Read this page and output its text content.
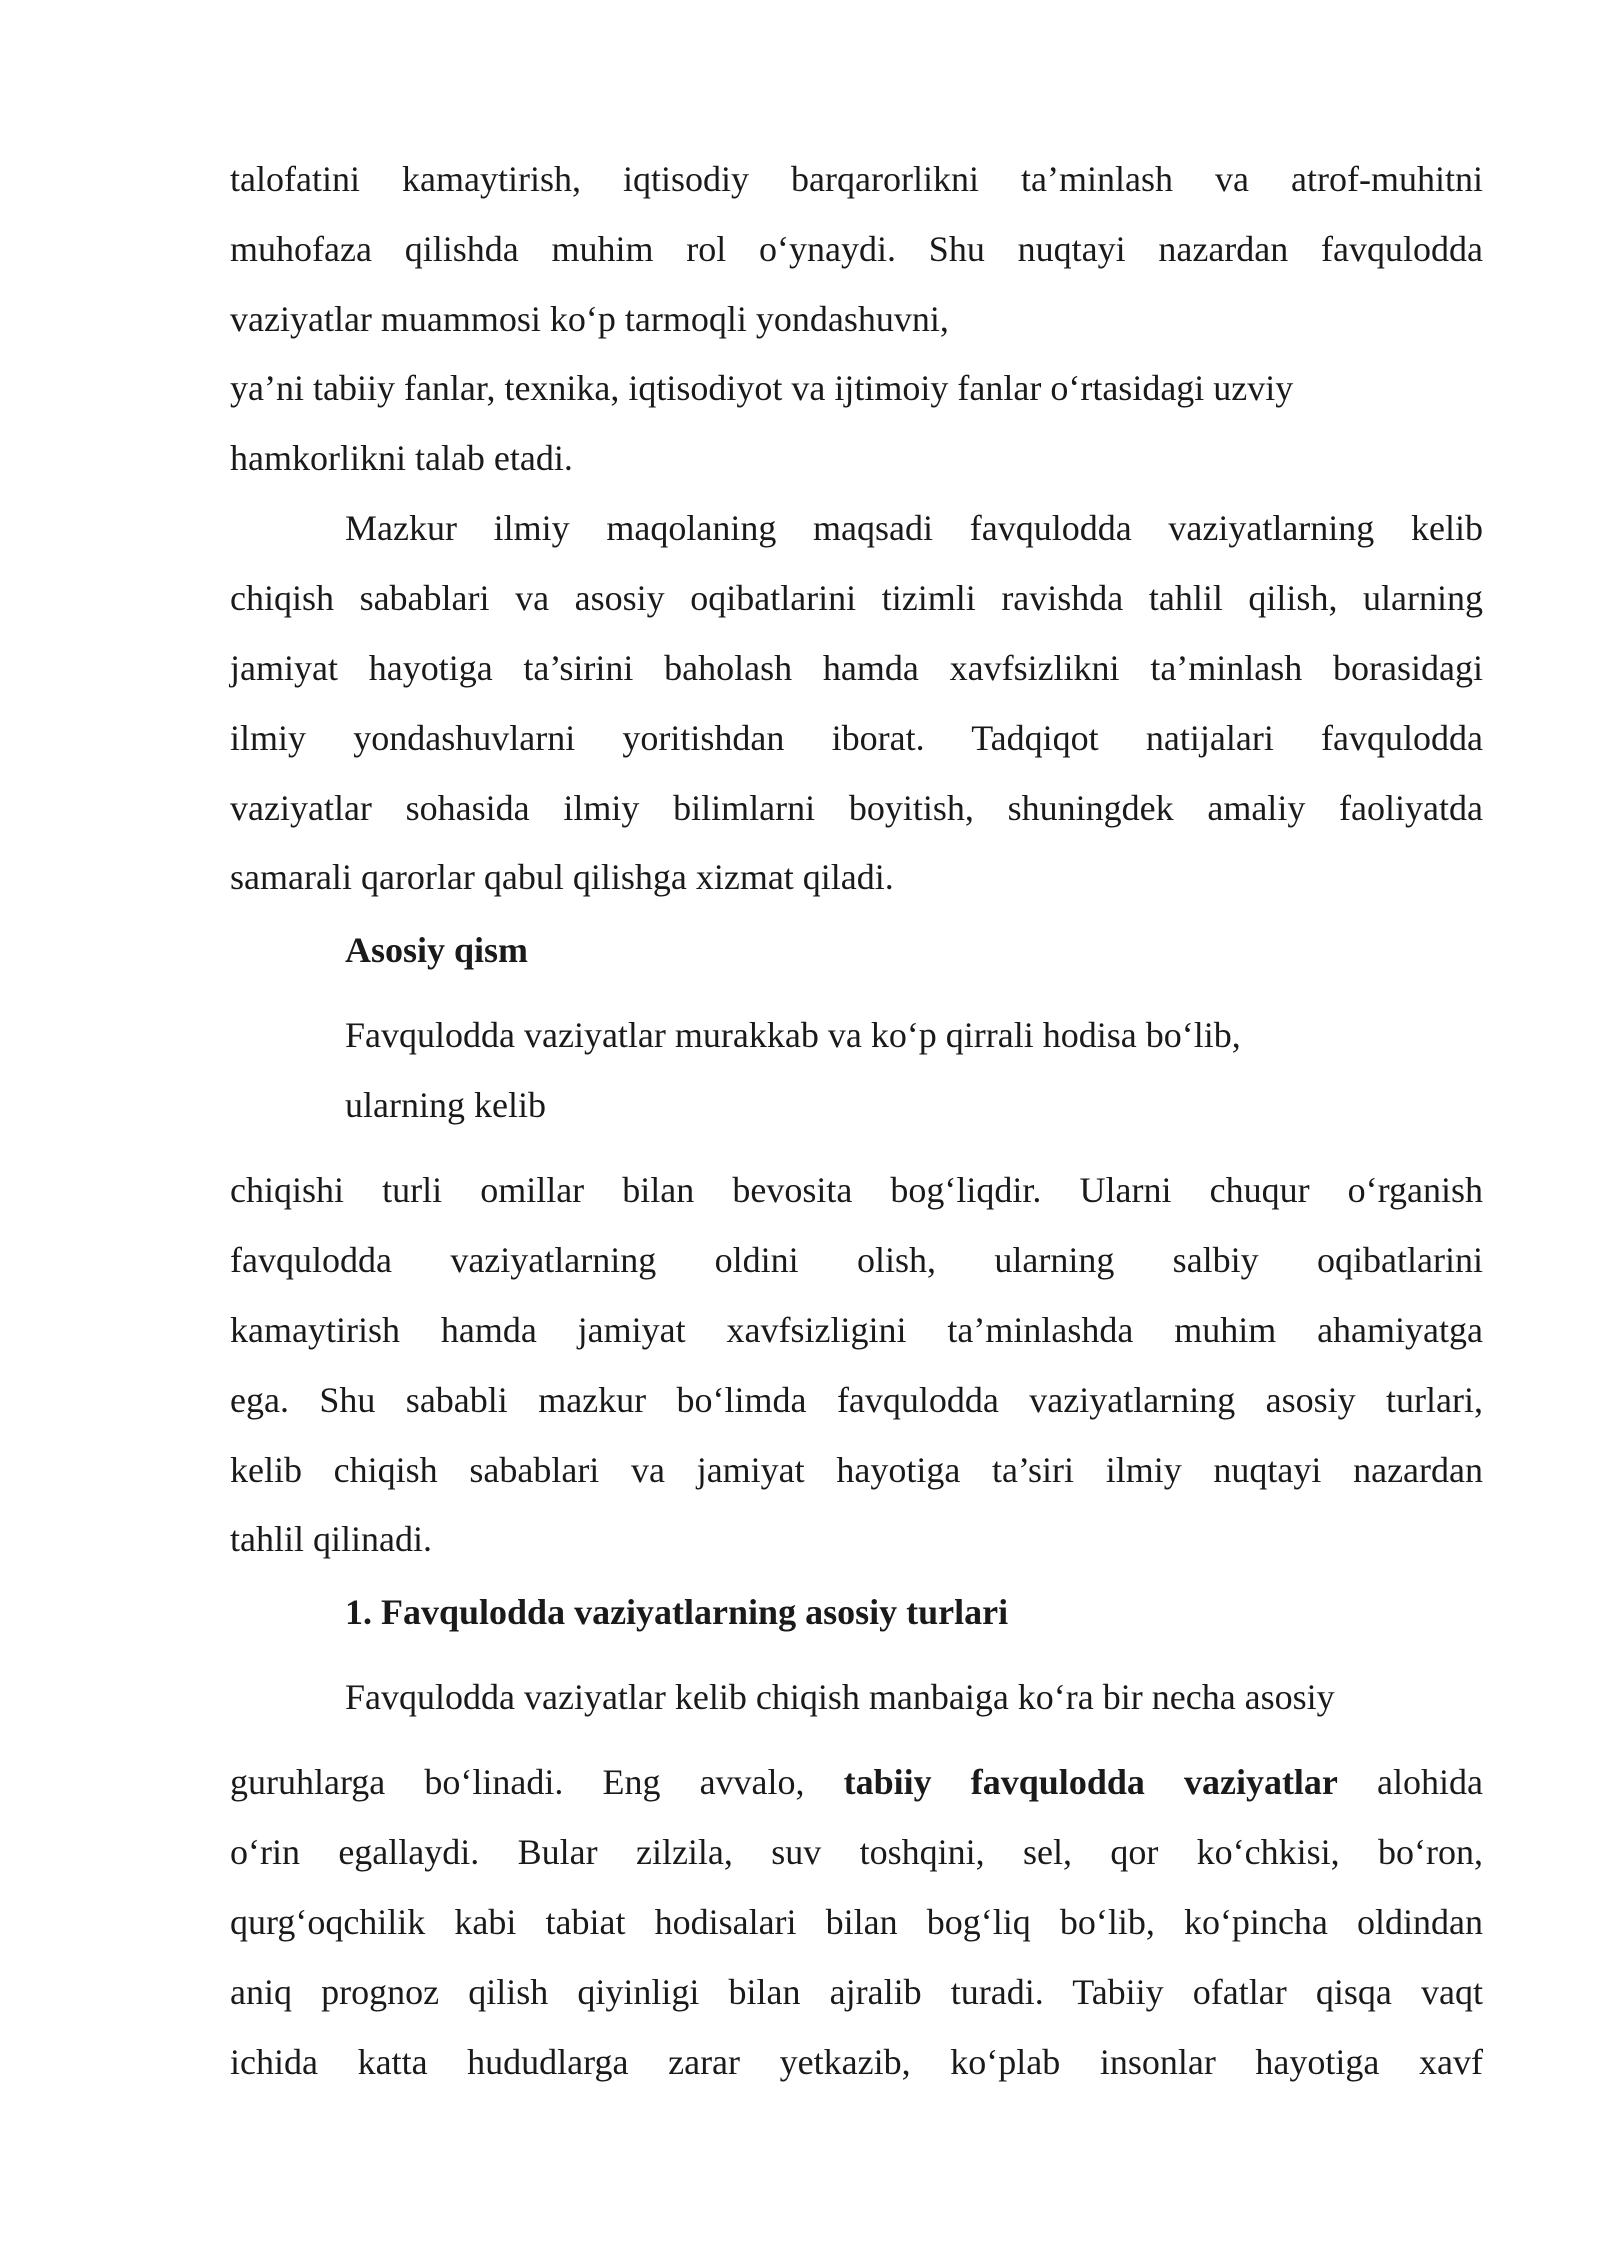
talofatini kamaytirish, iqtisodiy barqarorlikni ta’minlash va atrof-muhitni
muhofaza qilishda muhim rol o‘ynaydi. Shu nuqtayi nazardan favqulodda
vaziyatlar muammosi ko‘p tarmoqli yondashuvni,
ya’ni tabiiy fanlar, texnika, iqtisodiyot va ijtimoiy fanlar o‘rtasidagi uzviy
hamkorlikni talab etadi.
Mazkur ilmiy maqolaning maqsadi favqulodda vaziyatlarning kelib
chiqish sabablari va asosiy oqibatlarini tizimli ravishda tahlil qilish, ularning
jamiyat hayotiga ta’sirini baholash hamda xavfsizlikni ta’minlash borasidagi
ilmiy yondashuvlarni yoritishdan iborat. Tadqiqot natijalari favqulodda
vaziyatlar sohasida ilmiy bilimlarni boyitish, shuningdek amaliy faoliyatda
samarali qarorlar qabul qilishga xizmat qiladi.
Asosiy qism
Favqulodda vaziyatlar murakkab va ko‘p qirrali hodisa bo‘lib,
ularning kelib
chiqishi turli omillar bilan bevosita bog‘liqdir. Ularni chuqur o‘rganish
favqulodda vaziyatlarning oldini olish, ularning salbiy oqibatlarini
kamaytirish hamda jamiyat xavfsizligini ta’minlashda muhim ahamiyatga
ega. Shu sababli mazkur bo‘limda favqulodda vaziyatlarning asosiy turlari,
kelib chiqish sabablari va jamiyat hayotiga ta’siri ilmiy nuqtayi nazardan
tahlil qilinadi.
1. Favqulodda vaziyatlarning asosiy turlari
Favqulodda vaziyatlar kelib chiqish manbaiga ko‘ra bir necha asosiy
guruhlarga bo‘linadi. Eng avvalo, tabiiy favqulodda vaziyatlar alohida
o‘rin egallaydi. Bular zilzila, suv toshqini, sel, qor ko‘chkisi, bo‘ron,
qurg‘oqchilik kabi tabiat hodisalari bilan bog‘liq bo‘lib, ko‘pincha oldindan
aniq prognoz qilish qiyinligi bilan ajralib turadi. Tabiiy ofatlar qisqa vaqt
ichida katta hududlarga zarar yetkazib, ko‘plab insonlar hayotiga xavf
